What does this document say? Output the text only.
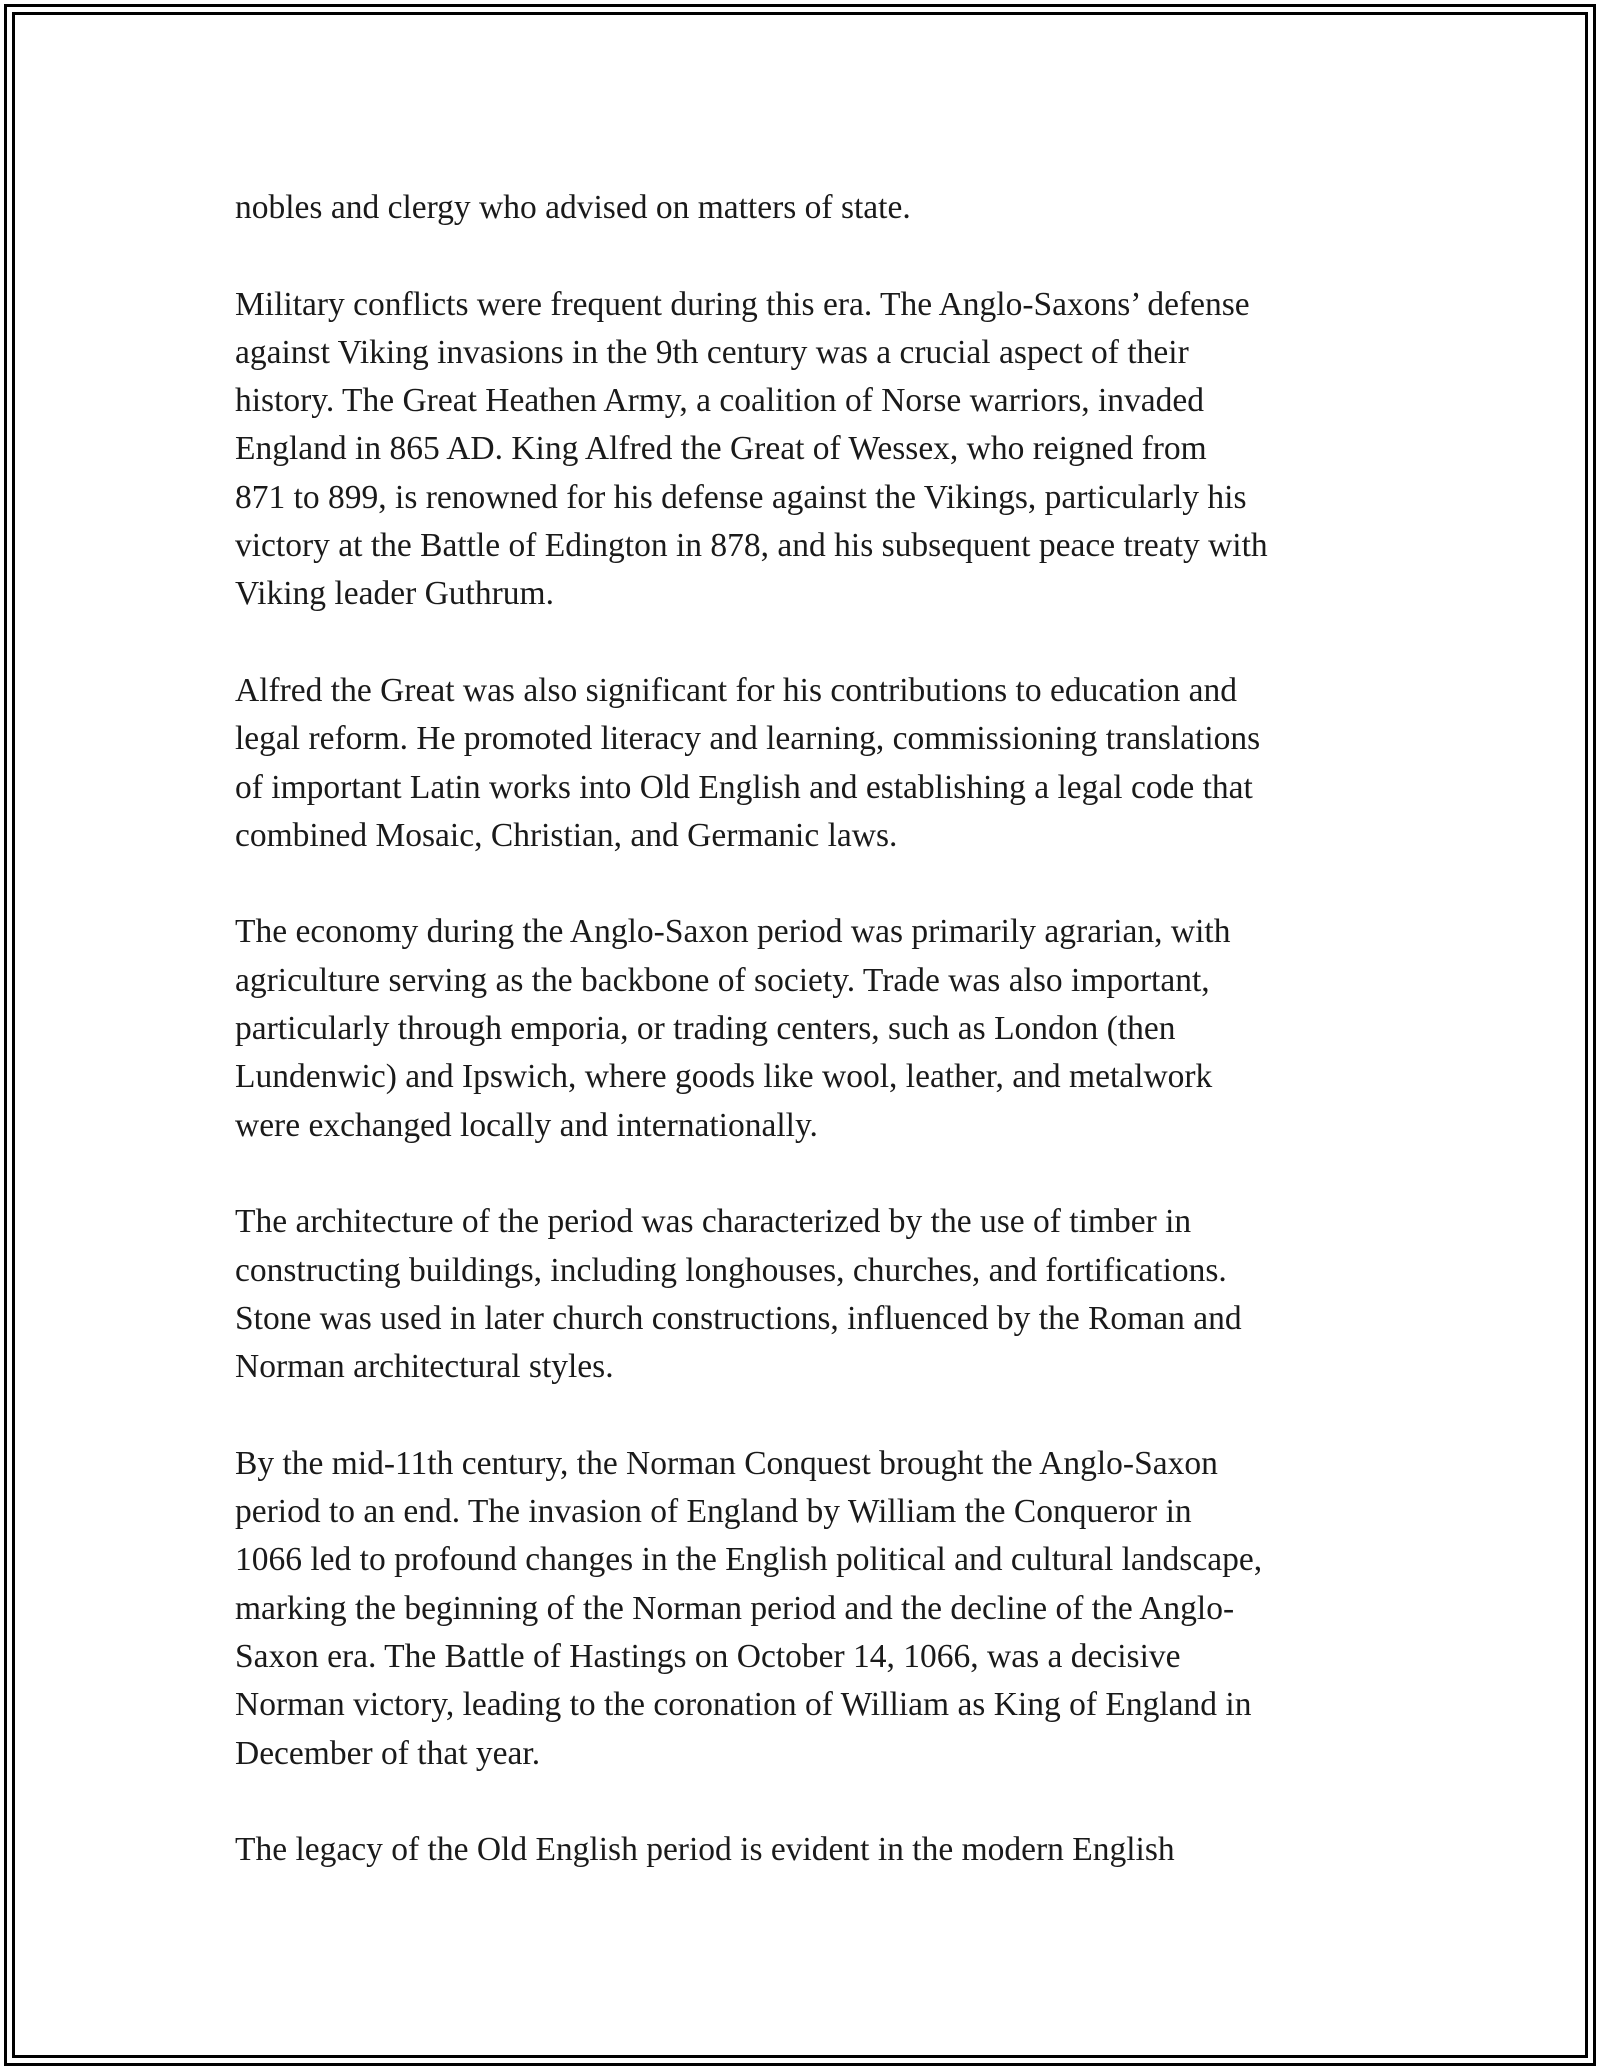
nobles and clergy who advised on matters of state.

Military conflicts were frequent during this era. The Anglo-Saxons’ defense
against Viking invasions in the 9th century was a crucial aspect of their
history. The Great Heathen Army, a coalition of Norse warriors, invaded
England in 865 AD. King Alfred the Great of Wessex, who reigned from
871 to 899, is renowned for his defense against the Vikings, particularly his
victory at the Battle of Edington in 878, and his subsequent peace treaty with
Viking leader Guthrum.

Alfred the Great was also significant for his contributions to education and
legal reform. He promoted literacy and learning, commissioning translations
of important Latin works into Old English and establishing a legal code that
combined Mosaic, Christian, and Germanic laws.

The economy during the Anglo-Saxon period was primarily agrarian, with
agriculture serving as the backbone of society. Trade was also important,
particularly through emporia, or trading centers, such as London (then
Lundenwic) and Ipswich, where goods like wool, leather, and metalwork
were exchanged locally and internationally.

The architecture of the period was characterized by the use of timber in
constructing buildings, including longhouses, churches, and fortifications.
Stone was used in later church constructions, influenced by the Roman and
Norman architectural styles.

By the mid-11th century, the Norman Conquest brought the Anglo-Saxon
period to an end. The invasion of England by William the Conqueror in
1066 led to profound changes in the English political and cultural landscape,
marking the beginning of the Norman period and the decline of the Anglo-
Saxon era. The Battle of Hastings on October 14, 1066, was a decisive
Norman victory, leading to the coronation of William as King of England in
December of that year.

The legacy of the Old English period is evident in the modern English
